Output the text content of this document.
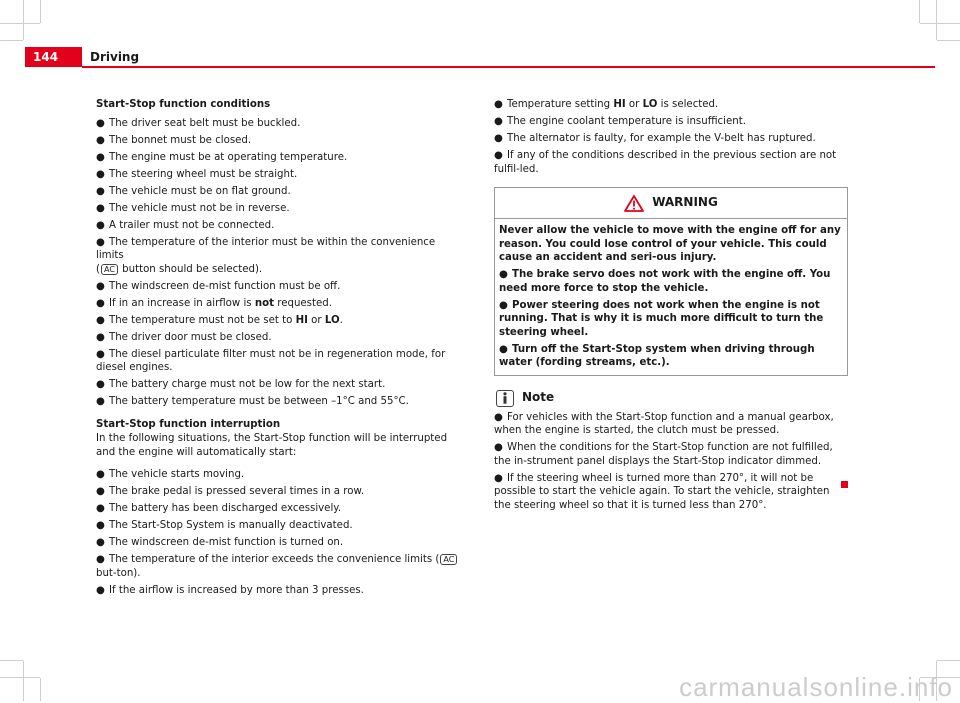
144	Driving

Start-Stop function conditions

● The driver seat belt must be buckled.

● The bonnet must be closed.

● The engine must be at operating temperature.

● The steering wheel must be straight.

● The vehicle must be on flat ground.

● The vehicle must not be in reverse.

● A trailer must not be connected.

● The temperature of the interior must be within the convenience limits
( AC button should be selected).

● The windscreen de-mist function must be off.

● If in an increase in airflow is not requested.

● The temperature must not be set to HI or LO.

● The driver door must be closed.

● The diesel particulate filter must not be in regeneration mode, for diesel engines.

● The battery charge must not be low for the next start.

● The battery temperature must be between –1°C and 55°C.

Start-Stop function interruption

In the following situations, the Start-Stop function will be interrupted and the engine will automatically start:

● The vehicle starts moving.

● The brake pedal is pressed several times in a row.

● The battery has been discharged excessively.

● The Start-Stop System is manually deactivated.

● The windscreen de-mist function is turned on.

● The temperature of the interior exceeds the convenience limits ( AC but-ton).

● If the airflow is increased by more than 3 presses.

● Temperature setting HI or LO is selected.

● The engine coolant temperature is insufficient.

● The alternator is faulty, for example the V-belt has ruptured.

● If any of the conditions described in the previous section are not fulfil-led.

WARNING

Never allow the vehicle to move with the engine off for any reason. You could lose control of your vehicle. This could cause an accident and seri-ous injury.

● The brake servo does not work with the engine off. You need more force to stop the vehicle.

● Power steering does not work when the engine is not running. That is why it is much more difficult to turn the steering wheel.

● Turn off the Start-Stop system when driving through water (fording streams, etc.).

Note

● For vehicles with the Start-Stop function and a manual gearbox, when the engine is started, the clutch must be pressed.

● When the conditions for the Start-Stop function are not fulfilled, the in-strument panel displays the Start-Stop indicator dimmed.

● If the steering wheel is turned more than 270°, it will not be possible to start the vehicle again. To start the vehicle, straighten the steering wheel so that it is turned less than 270°.

carmanualsonline.info
